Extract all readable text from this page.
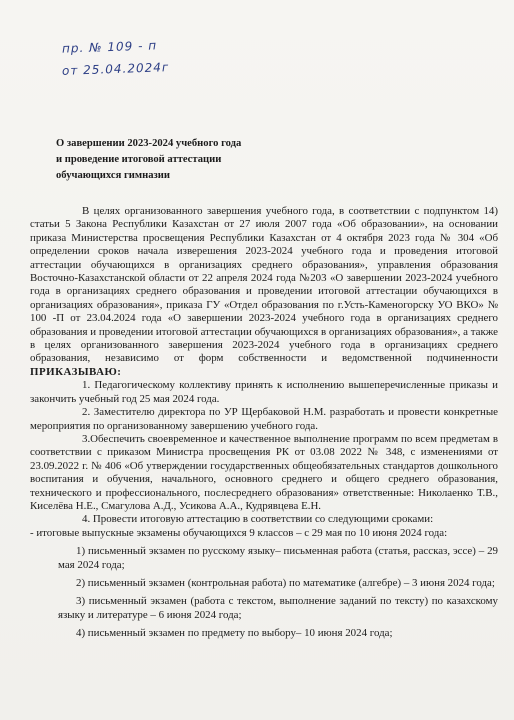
пр. № 109 - п
от 25.04.2024г
О завершении 2023-2024 учебного года
и проведение итоговой аттестации
обучающихся гимназии

В целях организованного завершения учебного года, в соответствии с подпунктом 14) статьи 5 Закона Республики Казахстан от 27 июля 2007 года «Об образовании», на основании приказа Министерства просвещения Республики Казахстан от 4 октября 2023 года № 304 «Об определении сроков начала изверешения 2023-2024 учебного года и проведения итоговой аттестации обучающихся в организациях среднего образования», управления образования Восточно-Казахстанской области от 22 апреля 2024 года №203 «О завершении 2023-2024 учебного года в организациях среднего образования и проведении итоговой аттестации обучающихся в организациях образования», приказа ГУ «Отдел образования по г.Усть-Каменогорску УО ВКО» № 100 -П от 23.04.2024 года «О завершении 2023-2024 учебного года в организациях среднего образования и проведении итоговой аттестации обучающихся в организациях образования», а также в целях организованного завершения 2023-2024 учебного года в организациях среднего образования, независимо от форм собственности и ведомственной подчиненности ПРИКАЗЫВАЮ:

1. Педагогическому коллективу принять к исполнению вышеперечисленные приказы и закончить учебный год 25 мая 2024 года.

2. Заместителю директора по УР Щербаковой Н.М. разработать и провести конкретные мероприятия по организованному завершению учебного года.

3.Обеспечить своевременное и качественное выполнение программ по всем предметам в соответствии с приказом Министра просвещения РК от 03.08 2022 № 348, с изменениями от 23.09.2022 г. № 406 «Об утверждении государственных общеобязательных стандартов дошкольного воспитания и обучения, начального, основного среднего и общего среднего образования, технического и профессионального, послесреднего образования» ответственные: Николаенко Т.В., Киселёва Н.Е., Смагулова А.Д., Усикова А.А., Кудрявцева Е.Н.

4. Провести итоговую аттестацию в соответствии со следующими сроками:

- итоговые выпускные экзамены обучающихся 9 классов – с 29 мая по 10 июня 2024 года:

1) письменный экзамен по русскому языку– письменная работа (статья, рассказ, эссе) – 29 мая 2024 года;

2) письменный экзамен (контрольная работа) по математике (алгебре) – 3 июня 2024 года;

3) письменный экзамен (работа с текстом, выполнение заданий по тексту) по казахскому языку и литературе – 6 июня 2024 года;

4) письменный экзамен по предмету по выбору– 10 июня 2024 года;
